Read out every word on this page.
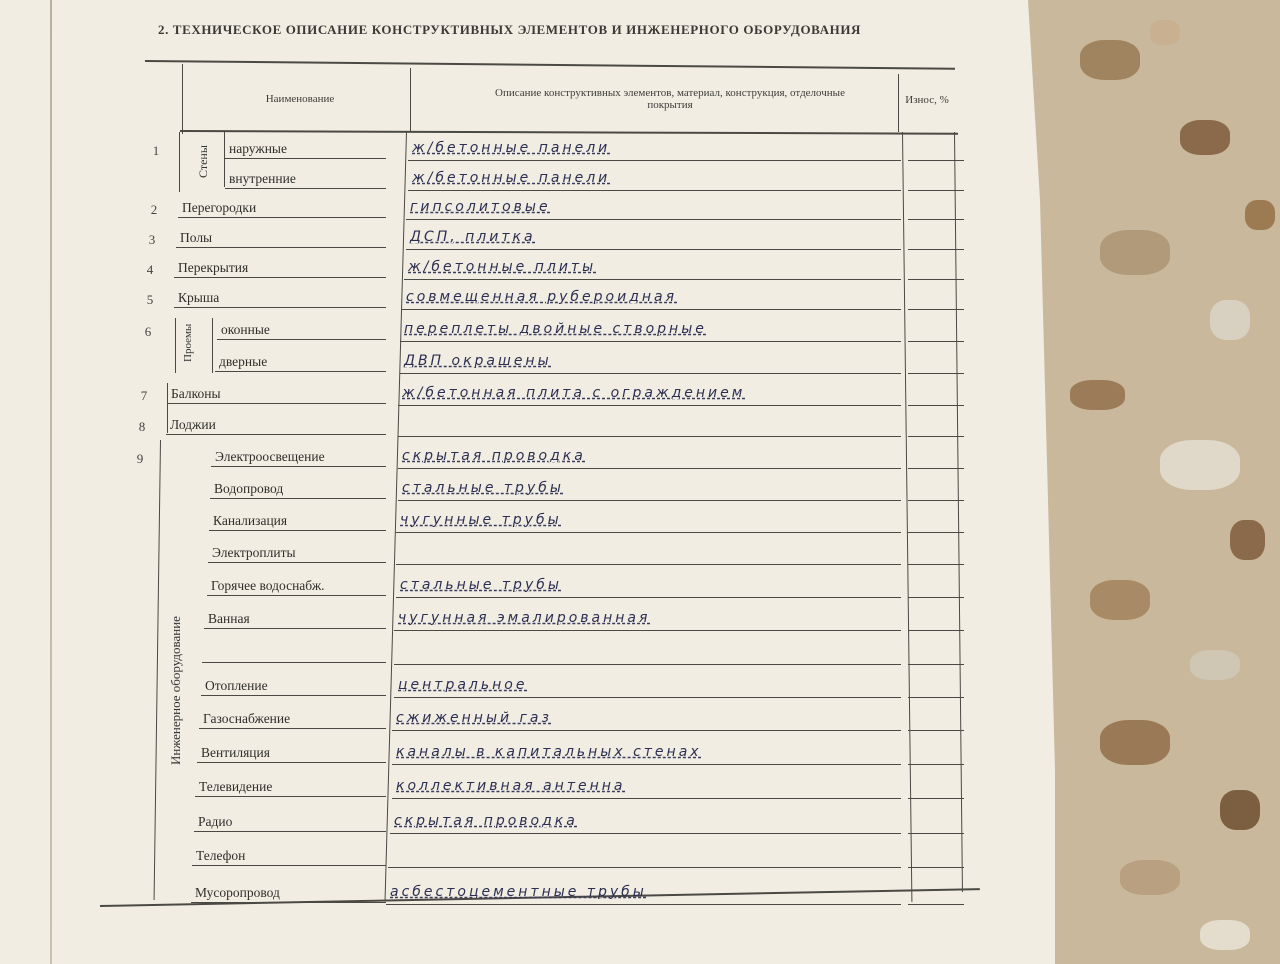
2. ТЕХНИЧЕСКОЕ ОПИСАНИЕ КОНСТРУКТИВНЫХ ЭЛЕМЕНТОВ И ИНЖЕНЕРНОГО ОБОРУДОВАНИЯ
Наименование	Описание конструктивных элементов, материал, конструкция, отделочные покрытия	Износ, %
Стены
Проемы
Инженерное оборудование
1	наружные	ж/бетонные панели
внутренние	ж/бетонные панели
2	Перегородки	гипсолитовые
3	Полы	ДСП, плитка
4	Перекрытия	ж/бетонные плиты
5	Крыша	совмещенная рубероидная
6	оконные	переплеты двойные створные
дверные	ДВП окрашены
7	Балконы	ж/бетонная плита с ограждением
8	Лоджии
9	Электроосвещение	скрытая проводка
Водопровод	стальные трубы
Канализация	чугунные трубы
Электроплиты
Горячее водоснабж.	стальные трубы
Ванная	чугунная эмалированная
Отопление	центральное
Газоснабжение	сжиженный газ
Вентиляция	каналы в капитальных стенах
Телевидение	коллективная антенна
Радио	скрытая проводка
Телефон
Мусоропровод	асбестоцементные трубы
